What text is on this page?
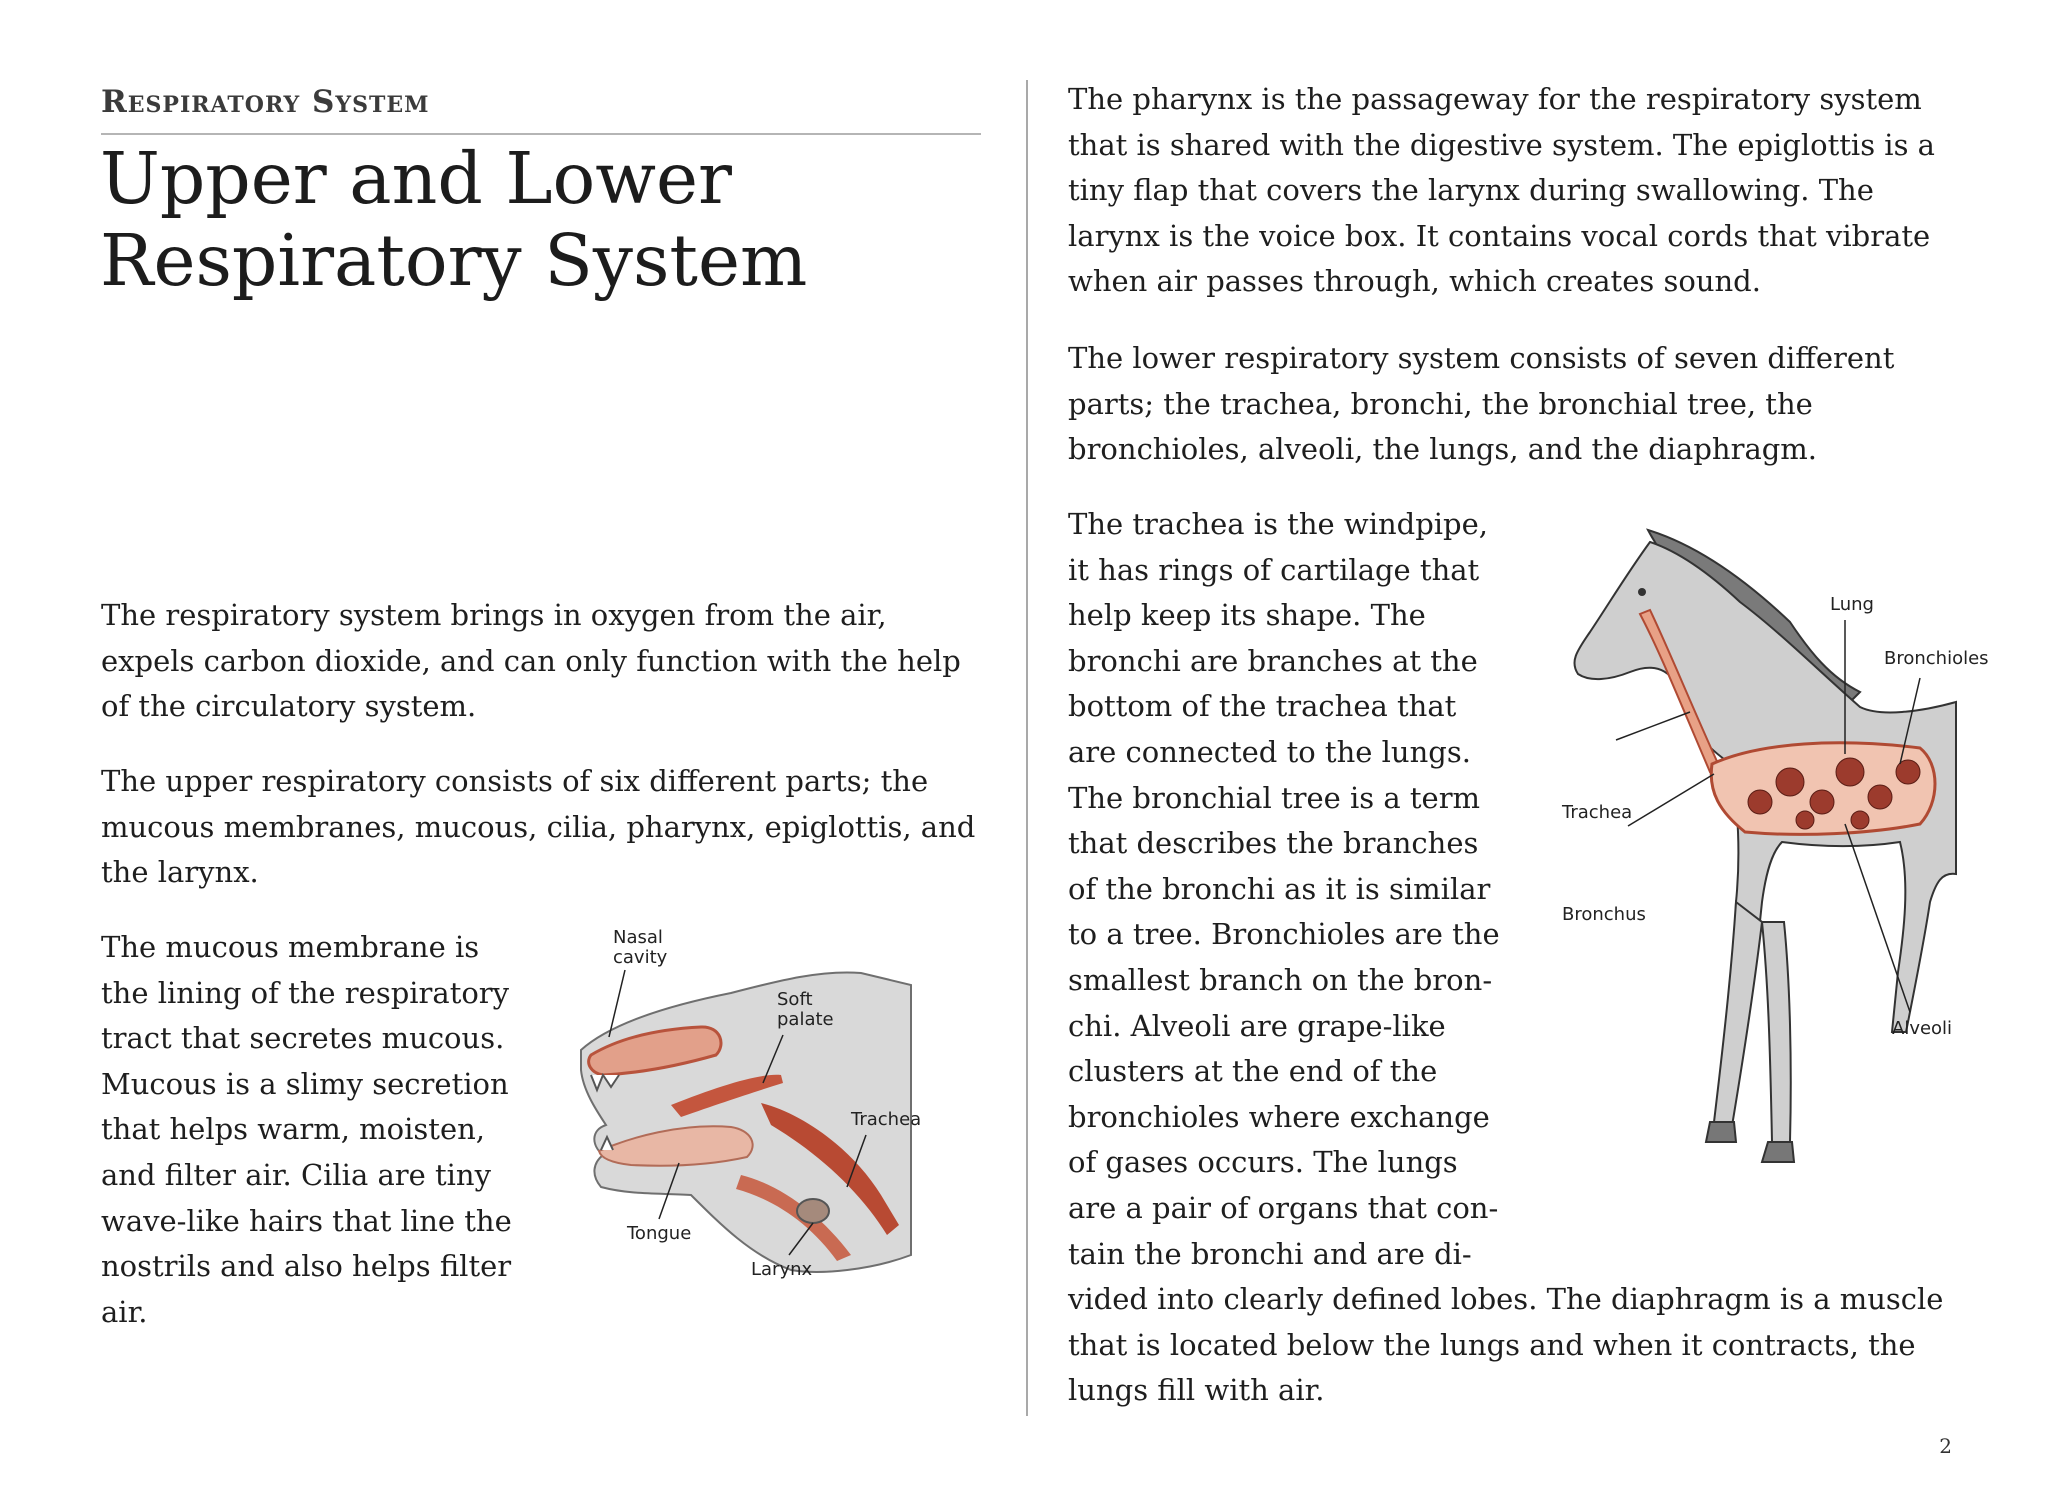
Respiratory System
Upper and Lower
Respiratory System

The respiratory system brings in oxygen from the air, expels carbon dioxide, and can only function with the help of the circulatory system.

The upper respiratory consists of six different parts; the mucous membranes, mucous, cilia, pharynx, epiglottis, and the larynx.

Nasal
cavity
Soft
palate
Trachea
Tongue
Larynx

The mucous membrane is the lining of the respiratory tract that secretes mucous. Mucous is a slimy secretion that helps warm, moisten, and filter air. Cilia are tiny wave-like hairs that line the nostrils and also helps filter air.

The pharynx is the passageway for the respiratory system that is shared with the digestive system. The epiglottis is a tiny flap that covers the larynx during swallowing. The larynx is the voice box. It contains vocal cords that vibrate when air passes through, which creates sound.

The lower respiratory system consists of seven different parts; the trachea, bronchi, the bronchial tree, the bronchioles, alveoli, the lungs, and the diaphragm.

Lung
Bronchioles
Trachea
Bronchus
Alveoli

The trachea is the windpipe, it has rings of cartilage that help keep its shape. The bronchi are branches at the bottom of the trachea that are connected to the lungs. The bronchial tree is a term that describes the branches of the bronchi as it is similar to a tree. Bronchioles are the smallest branch on the bronchi. Alveoli are grape-like clusters at the end of the bronchioles where exchange of gases occurs. The lungs are a pair of organs that contain the bronchi and are divided into clearly defined lobes. The diaphragm is a muscle that is located below the lungs and when it contracts, the lungs fill with air.

2
